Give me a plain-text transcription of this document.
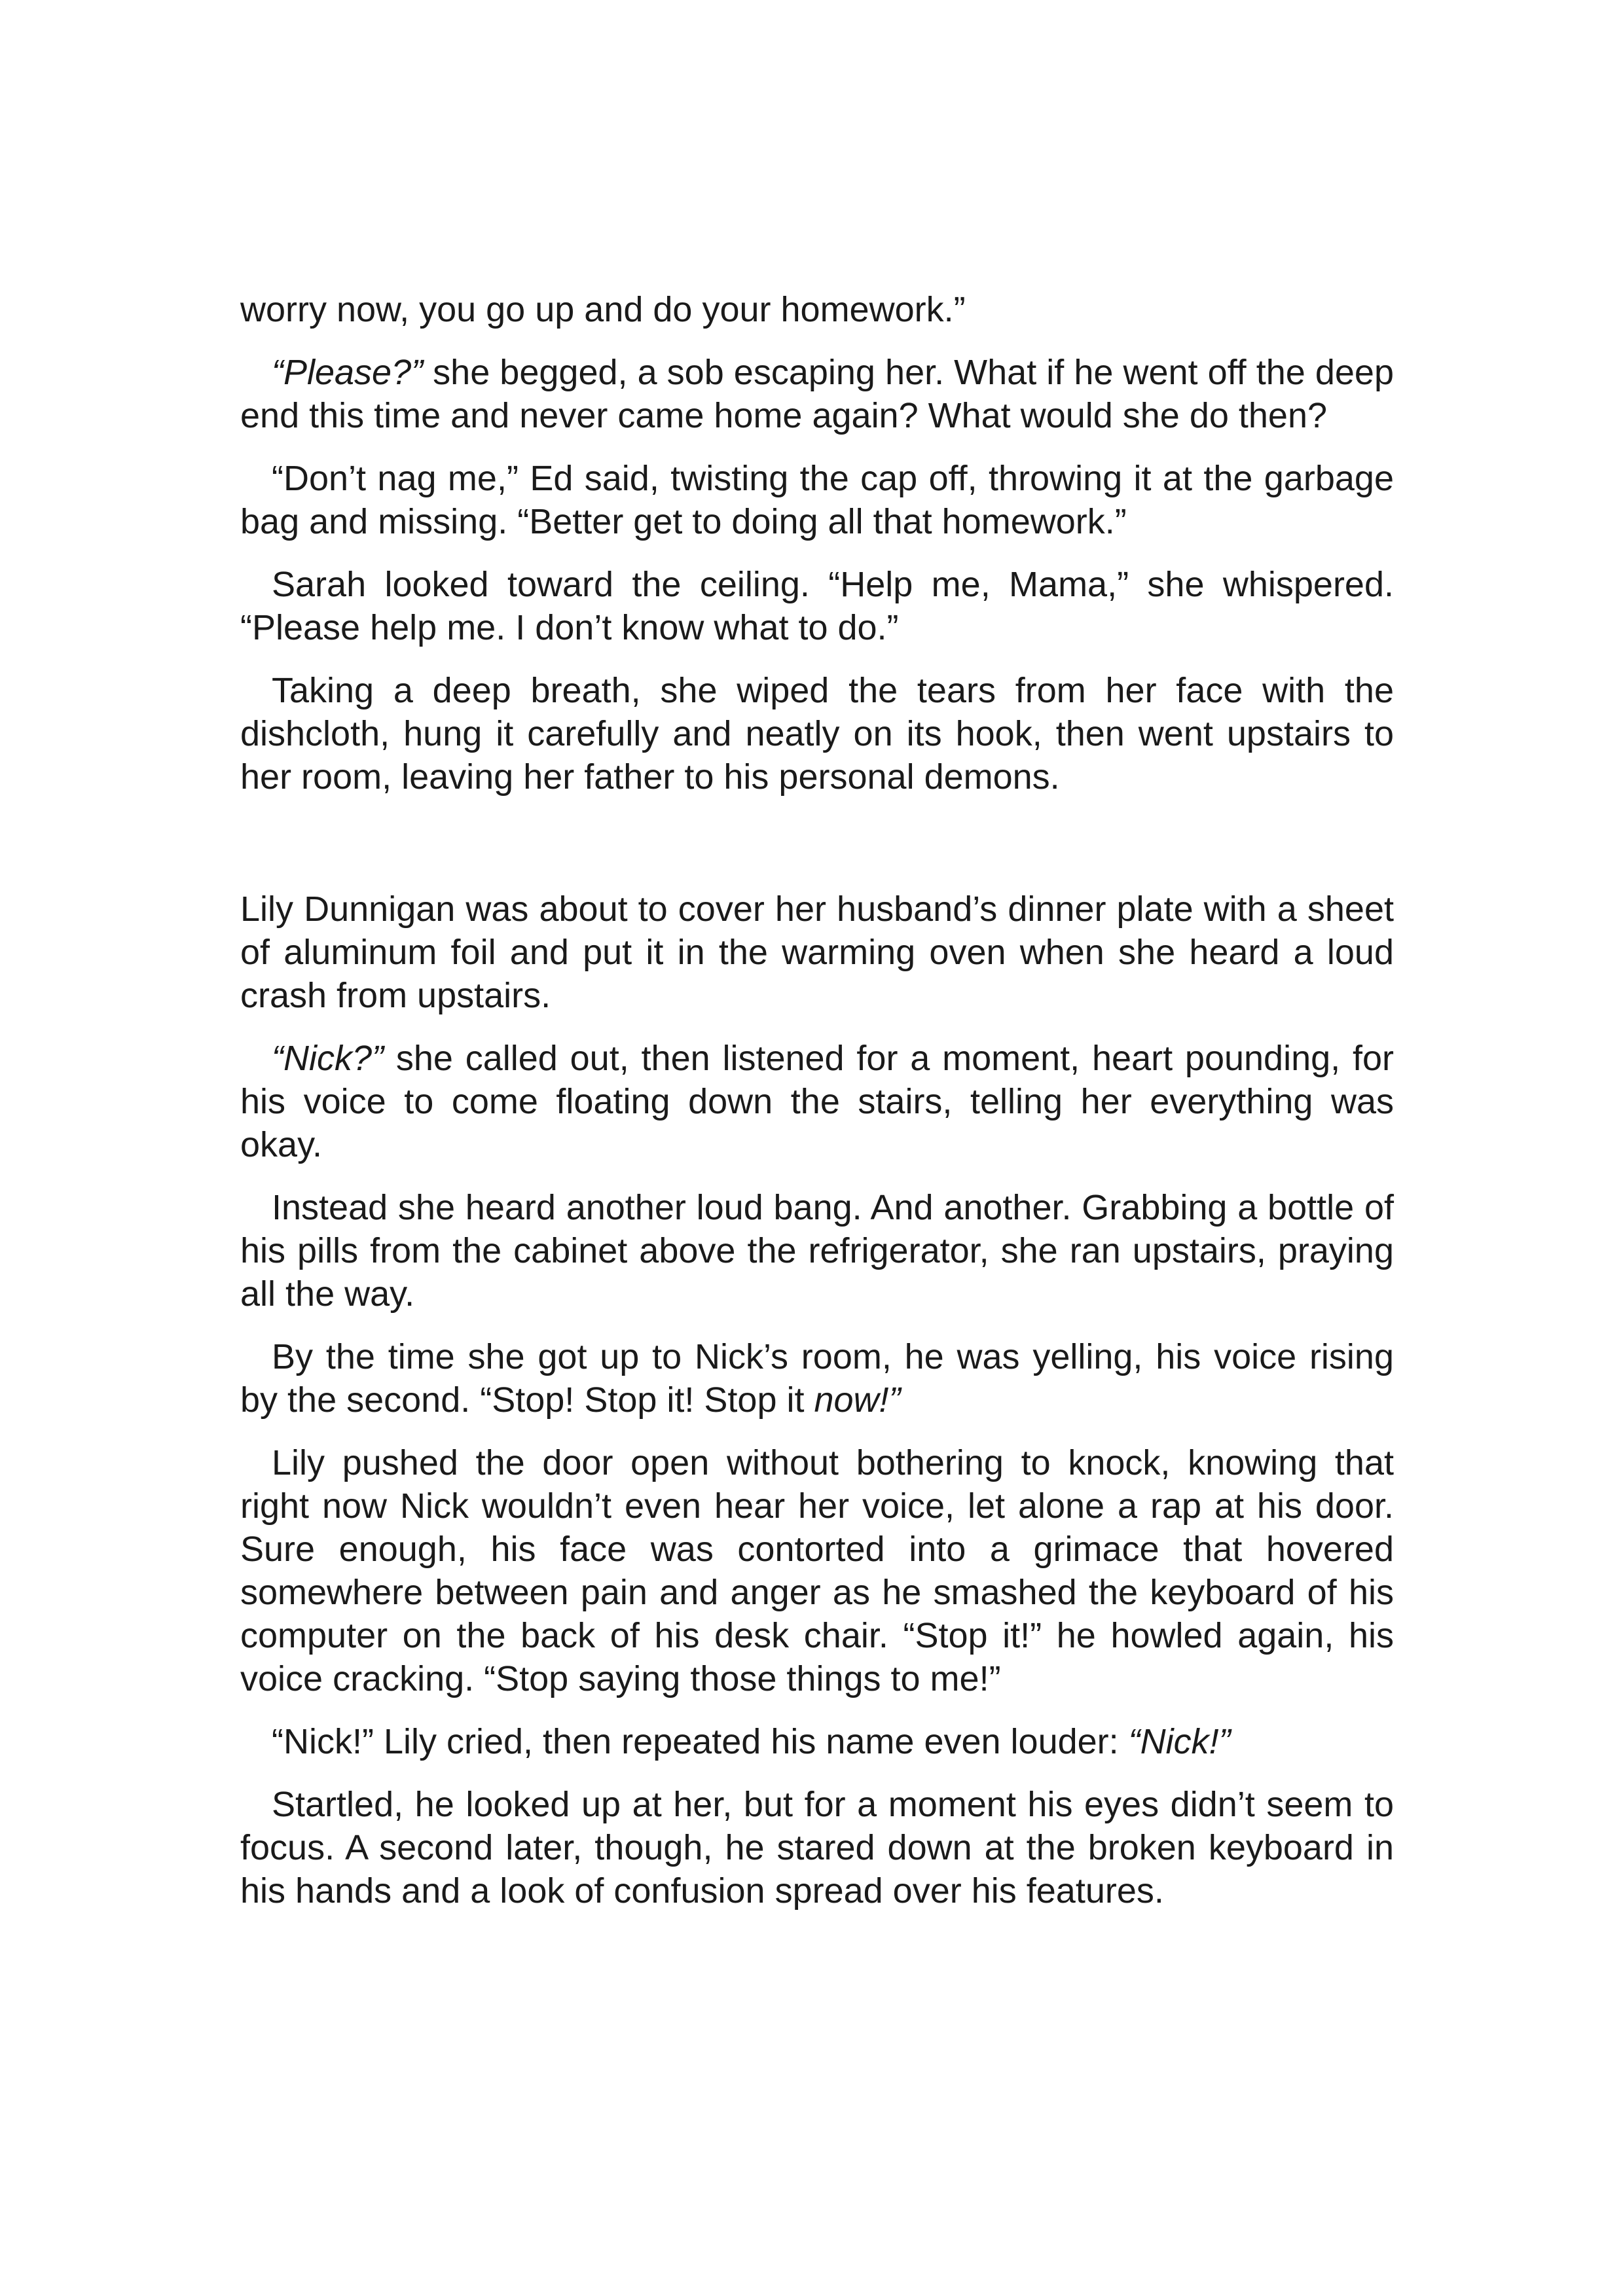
worry now, you go up and do your homework.”

“Please?” she begged, a sob escaping her. What if he went off the deep end this time and never came home again? What would she do then?

“Don’t nag me,” Ed said, twisting the cap off, throwing it at the garbage bag and missing. “Better get to doing all that homework.”

Sarah looked toward the ceiling. “Help me, Mama,” she whispered. “Please help me. I don’t know what to do.”

Taking a deep breath, she wiped the tears from her face with the dishcloth, hung it carefully and neatly on its hook, then went upstairs to her room, leaving her father to his personal demons.

Lily Dunnigan was about to cover her husband’s dinner plate with a sheet of aluminum foil and put it in the warming oven when she heard a loud crash from upstairs.

“Nick?” she called out, then listened for a moment, heart pounding, for his voice to come floating down the stairs, telling her everything was okay.

Instead she heard another loud bang. And another. Grabbing a bottle of his pills from the cabinet above the refrigerator, she ran upstairs, praying all the way.

By the time she got up to Nick’s room, he was yelling, his voice rising by the second. “Stop! Stop it! Stop it now!”

Lily pushed the door open without bothering to knock, knowing that right now Nick wouldn’t even hear her voice, let alone a rap at his door. Sure enough, his face was contorted into a grimace that hovered somewhere between pain and anger as he smashed the keyboard of his computer on the back of his desk chair. “Stop it!” he howled again, his voice cracking. “Stop saying those things to me!”

“Nick!” Lily cried, then repeated his name even louder: “Nick!”

Startled, he looked up at her, but for a moment his eyes didn’t seem to focus. A second later, though, he stared down at the broken keyboard in his hands and a look of confusion spread over his features.
